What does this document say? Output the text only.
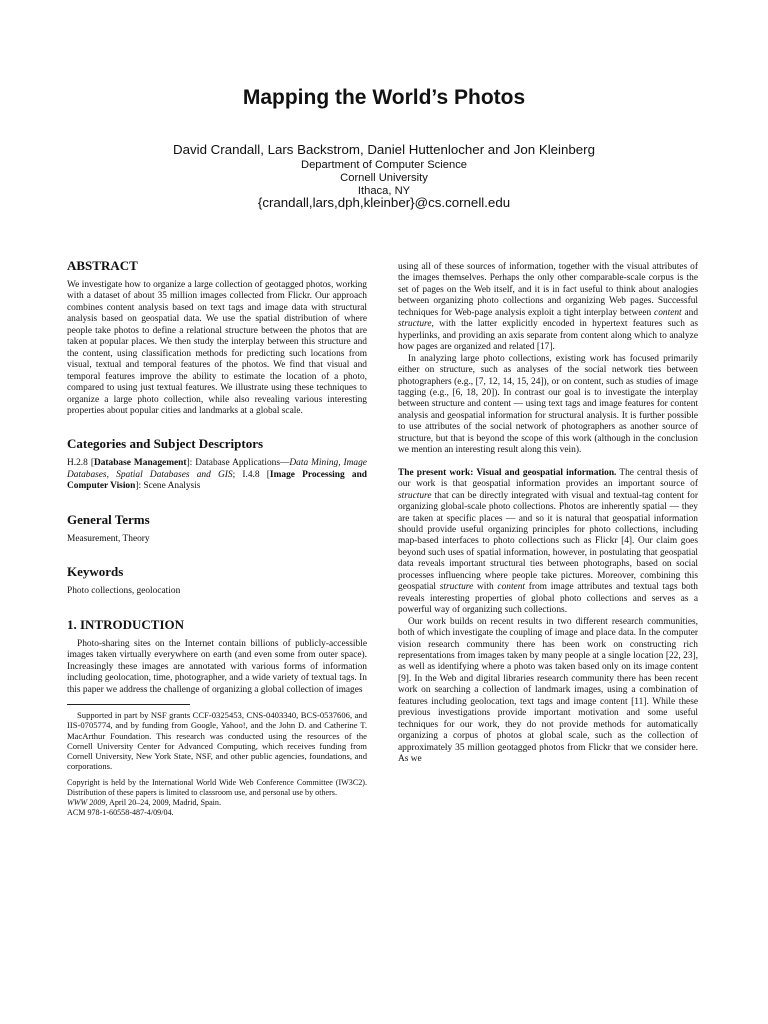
Mapping the World’s Photos
David Crandall, Lars Backstrom, Daniel Huttenlocher and Jon Kleinberg
Department of Computer Science
Cornell University
Ithaca, NY
{crandall,lars,dph,kleinber}@cs.cornell.edu
ABSTRACT

We investigate how to organize a large collection of geotagged photos, working with a dataset of about 35 million images collected from Flickr. Our approach combines content analysis based on text tags and image data with structural analysis based on geospatial data. We use the spatial distribution of where people take photos to define a relational structure between the photos that are taken at popular places. We then study the interplay between this structure and the content, using classification methods for predicting such locations from visual, textual and temporal features of the photos. We find that visual and temporal features improve the ability to estimate the location of a photo, compared to using just textual features. We illustrate using these techniques to organize a large photo collection, while also revealing various interesting properties about popular cities and landmarks at a global scale.

Categories and Subject Descriptors

H.2.8 [Database Management]: Database Applications—Data Mining, Image Databases, Spatial Databases and GIS; I.4.8 [Image Processing and Computer Vision]: Scene Analysis

General Terms

Measurement, Theory

Keywords

Photo collections, geolocation

1. INTRODUCTION

Photo-sharing sites on the Internet contain billions of publicly-accessible images taken virtually everywhere on earth (and even some from outer space). Increasingly these images are annotated with various forms of information including geolocation, time, photographer, and a wide variety of textual tags. In this paper we address the challenge of organizing a global collection of images

Supported in part by NSF grants CCF-0325453, CNS-0403340, BCS-0537606, and IIS-0705774, and by funding from Google, Yahoo!, and the John D. and Catherine T. MacArthur Foundation. This research was conducted using the resources of the Cornell University Center for Advanced Computing, which receives funding from Cornell University, New York State, NSF, and other public agencies, foundations, and corporations.

Copyright is held by the International World Wide Web Conference Committee (IW3C2). Distribution of these papers is limited to classroom use, and personal use by others.
WWW 2009, April 20–24, 2009, Madrid, Spain.
ACM 978-1-60558-487-4/09/04.

using all of these sources of information, together with the visual attributes of the images themselves. Perhaps the only other comparable-scale corpus is the set of pages on the Web itself, and it is in fact useful to think about analogies between organizing photo collections and organizing Web pages. Successful techniques for Web-page analysis exploit a tight interplay between content and structure, with the latter explicitly encoded in hypertext features such as hyperlinks, and providing an axis separate from content along which to analyze how pages are organized and related [17].

In analyzing large photo collections, existing work has focused primarily either on structure, such as analyses of the social network ties between photographers (e.g., [7, 12, 14, 15, 24]), or on content, such as studies of image tagging (e.g., [6, 18, 20]). In contrast our goal is to investigate the interplay between structure and content — using text tags and image features for content analysis and geospatial information for structural analysis. It is further possible to use attributes of the social network of photographers as another source of structure, but that is beyond the scope of this work (although in the conclusion we mention an interesting result along this vein).

The present work: Visual and geospatial information. The central thesis of our work is that geospatial information provides an important source of structure that can be directly integrated with visual and textual-tag content for organizing global-scale photo collections. Photos are inherently spatial — they are taken at specific places — and so it is natural that geospatial information should provide useful organizing principles for photo collections, including map-based interfaces to photo collections such as Flickr [4]. Our claim goes beyond such uses of spatial information, however, in postulating that geospatial data reveals important structural ties between photographs, based on social processes influencing where people take pictures. Moreover, combining this geospatial structure with content from image attributes and textual tags both reveals interesting properties of global photo collections and serves as a powerful way of organizing such collections.

Our work builds on recent results in two different research communities, both of which investigate the coupling of image and place data. In the computer vision research community there has been work on constructing rich representations from images taken by many people at a single location [22, 23], as well as identifying where a photo was taken based only on its image content [9]. In the Web and digital libraries research community there has been recent work on searching a collection of landmark images, using a combination of features including geolocation, text tags and image content [11]. While these previous investigations provide important motivation and some useful techniques for our work, they do not provide methods for automatically organizing a corpus of photos at global scale, such as the collection of approximately 35 million geotagged photos from Flickr that we consider here. As we
